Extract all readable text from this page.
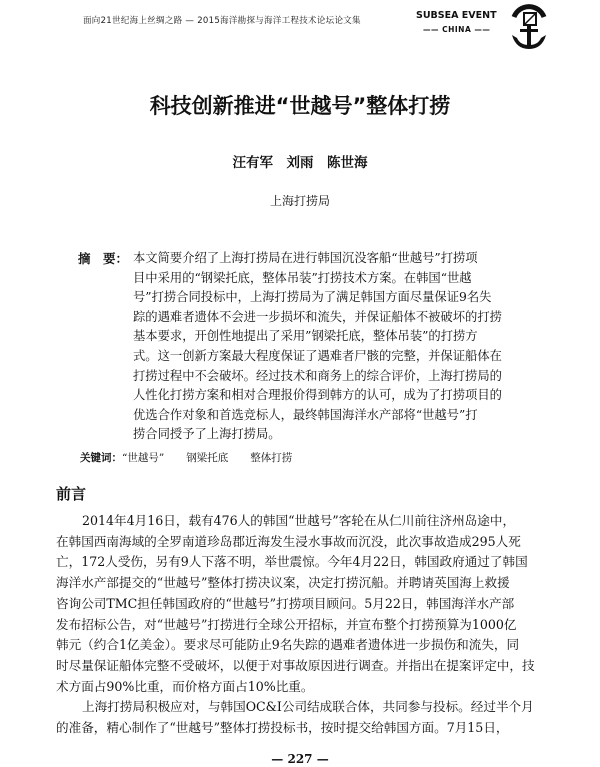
面向21世纪海上丝绸之路 — 2015海洋勘探与海洋工程技术论坛论文集	SUBSEA EVENT
—— CHINA ——
科技创新推进“世越号”整体打捞
汪有军　刘雨　陈世海
上海打捞局
摘　要： 本文简要介绍了上海打捞局在进行韩国沉没客船“世越号”打捞项
目中采用的“钢梁托底，整体吊装”打捞技术方案。在韩国“世越
号”打捞合同投标中，上海打捞局为了满足韩国方面尽量保证9名失
踪的遇难者遗体不会进一步损坏和流失，并保证船体不被破坏的打捞
基本要求，开创性地提出了采用”钢梁托底，整体吊装”的打捞方
式。这一创新方案最大程度保证了遇难者尸骸的完整，并保证船体在
打捞过程中不会破坏。经过技术和商务上的综合评价，上海打捞局的
人性化打捞方案和相对合理报价得到韩方的认可，成为了打捞项目的
优选合作对象和首选竞标人，最终韩国海洋水产部将“世越号”打
捞合同授予了上海打捞局。
关键词：“世越号” 钢梁托底 整体打捞
前言
2014年4月16日，载有476人的韩国“世越号”客轮在从仁川前往济州岛途中，
在韩国西南海域的全罗南道珍岛郡近海发生浸水事故而沉没，此次事故造成295人死
亡，172人受伤，另有9人下落不明，举世震惊。今年4月22日，韩国政府通过了韩国
海洋水产部提交的“世越号”整体打捞决议案，决定打捞沉船。并聘请英国海上救援
咨询公司TMC担任韩国政府的“世越号”打捞项目顾问。5月22日，韩国海洋水产部
发布招标公告，对“世越号”打捞进行全球公开招标，并宣布整个打捞预算为1000亿
韩元（约合1亿美金）。要求尽可能防止9名失踪的遇难者遗体进一步损伤和流失，同
时尽量保证船体完整不受破坏，以便于对事故原因进行调查。并指出在提案评定中，技
术方面占90%比重，而价格方面占10%比重。
上海打捞局积极应对，与韩国OC&I公司结成联合体，共同参与投标。经过半个月
的准备，精心制作了“世越号”整体打捞投标书，按时提交给韩国方面。7月15日，
— 227 —
